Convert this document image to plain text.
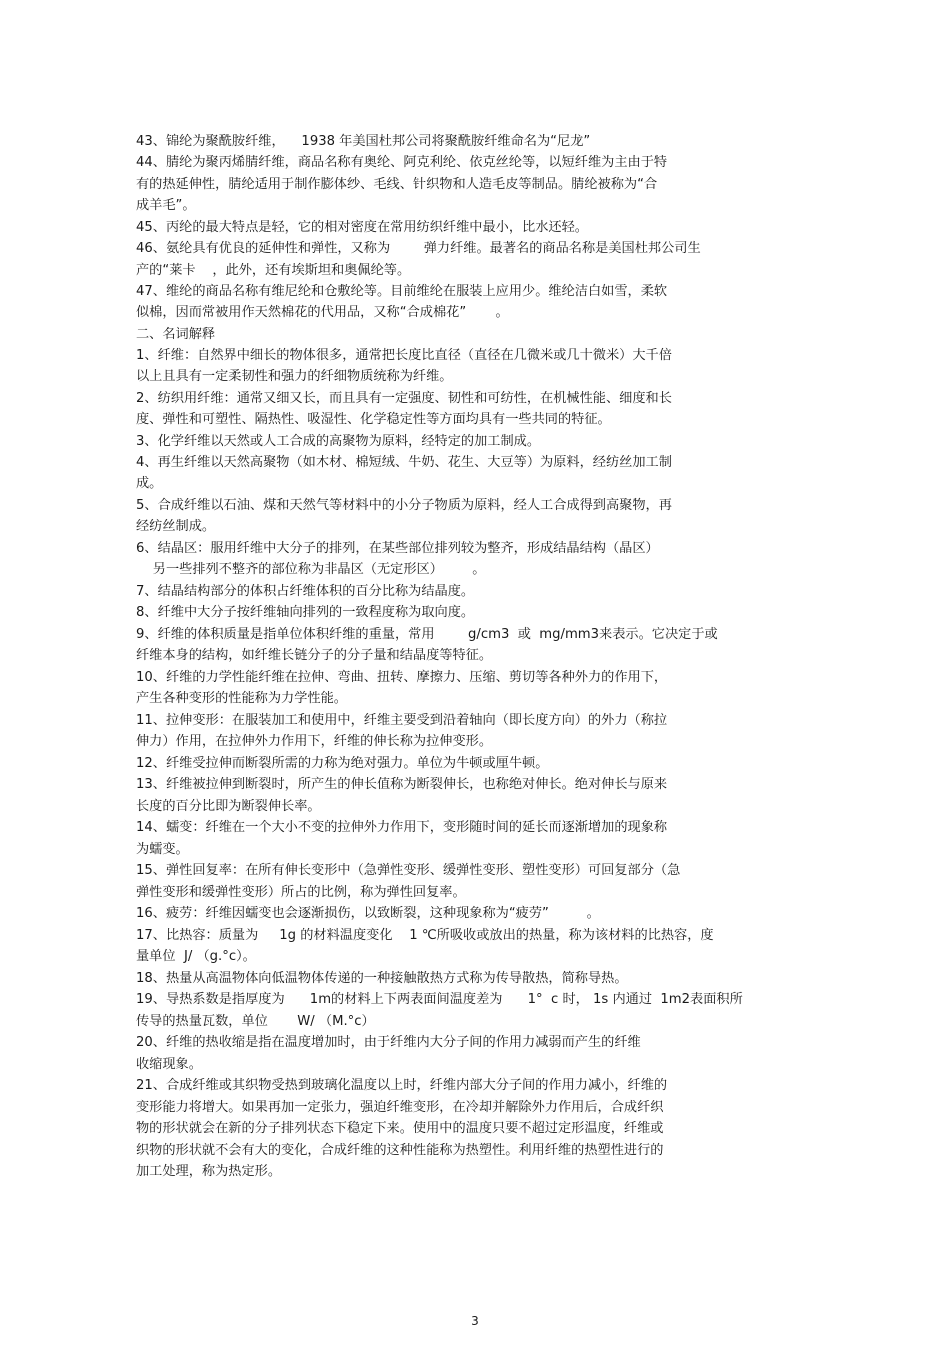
43、锦纶为聚酰胺纤维，    1938 年美国杜邦公司将聚酰胺纤维命名为“尼龙”
44、腈纶为聚丙烯腈纤维，商品名称有奥纶、阿克利纶、依克丝纶等，以短纤维为主由于特
有的热延伸性，腈纶适用于制作膨体纱、毛线、针织物和人造毛皮等制品。腈纶被称为“合
成羊毛”。
45、丙纶的最大特点是轻，它的相对密度在常用纺织纤维中最小，比水还轻。
46、氨纶具有优良的延伸性和弹性，又称为        弹力纤维。最著名的商品名称是美国杜邦公司生
产的“莱卡    ，此外，还有埃斯坦和奥佩纶等。
47、维纶的商品名称有维尼纶和仓敷纶等。目前维纶在服装上应用少。维纶洁白如雪，柔软
似棉，因而常被用作天然棉花的代用品，又称“合成棉花”       。
二、名词解释
1、纤维：自然界中细长的物体很多，通常把长度比直径（直径在几微米或几十微米）大千倍
以上且具有一定柔韧性和强力的纤细物质统称为纤维。
2、纺织用纤维：通常又细又长，而且具有一定强度、韧性和可纺性，在机械性能、细度和长
度、弹性和可塑性、隔热性、吸湿性、化学稳定性等方面均具有一些共同的特征。
3、化学纤维以天然或人工合成的高聚物为原料，经特定的加工制成。
4、再生纤维以天然高聚物（如木材、棉短绒、牛奶、花生、大豆等）为原料，经纺丝加工制
成。
5、合成纤维以石油、煤和天然气等材料中的小分子物质为原料，经人工合成得到高聚物，再
经纺丝制成。
6、结晶区：服用纤维中大分子的排列，在某些部位排列较为整齐，形成结晶结构（晶区）
另一些排列不整齐的部位称为非晶区（无定形区）       。
7、结晶结构部分的体积占纤维体积的百分比称为结晶度。
8、纤维中大分子按纤维轴向排列的一致程度称为取向度。
9、纤维的体积质量是指单位体积纤维的重量，常用        g/cm3  或  mg/mm3来表示。它决定于或
纤维本身的结构，如纤维长链分子的分子量和结晶度等特征。
10、纤维的力学性能纤维在拉伸、弯曲、扭转、摩擦力、压缩、剪切等各种外力的作用下，
产生各种变形的性能称为力学性能。
11、拉伸变形：在服装加工和使用中，纤维主要受到沿着轴向（即长度方向）的外力（称拉
伸力）作用，在拉伸外力作用下，纤维的伸长称为拉伸变形。
12、纤维受拉伸而断裂所需的力称为绝对强力。单位为牛顿或厘牛顿。
13、纤维被拉伸到断裂时，所产生的伸长值称为断裂伸长，也称绝对伸长。绝对伸长与原来
长度的百分比即为断裂伸长率。
14、蠕变：纤维在一个大小不变的拉伸外力作用下，变形随时间的延长而逐渐增加的现象称
为蠕变。
15、弹性回复率：在所有伸长变形中（急弹性变形、缓弹性变形、塑性变形）可回复部分（急
弹性变形和缓弹性变形）所占的比例，称为弹性回复率。
16、疲劳：纤维因蠕变也会逐渐损伤，以致断裂，这种现象称为“疲劳”         。
17、比热容：质量为     1g 的材料温度变化    1 ℃所吸收或放出的热量，称为该材料的比热容，度
量单位  J/ （g.°c）。
18、热量从高温物体向低温物体传递的一种接触散热方式称为传导散热，简称导热。
19、导热系数是指厚度为      1m的材料上下两表面间温度差为      1°  c 时， 1s 内通过  1m2表面积所
传导的热量瓦数，单位       W/ （M.°c）
20、纤维的热收缩是指在温度增加时，由于纤维内大分子间的作用力减弱而产生的纤维
收缩现象。
21、合成纤维或其织物受热到玻璃化温度以上时，纤维内部大分子间的作用力减小，纤维的
变形能力将增大。如果再加一定张力，强迫纤维变形，在冷却并解除外力作用后，合成纤织
物的形状就会在新的分子排列状态下稳定下来。使用中的温度只要不超过定形温度，纤维或
织物的形状就不会有大的变化，合成纤维的这种性能称为热塑性。利用纤维的热塑性进行的
加工处理，称为热定形。
3
